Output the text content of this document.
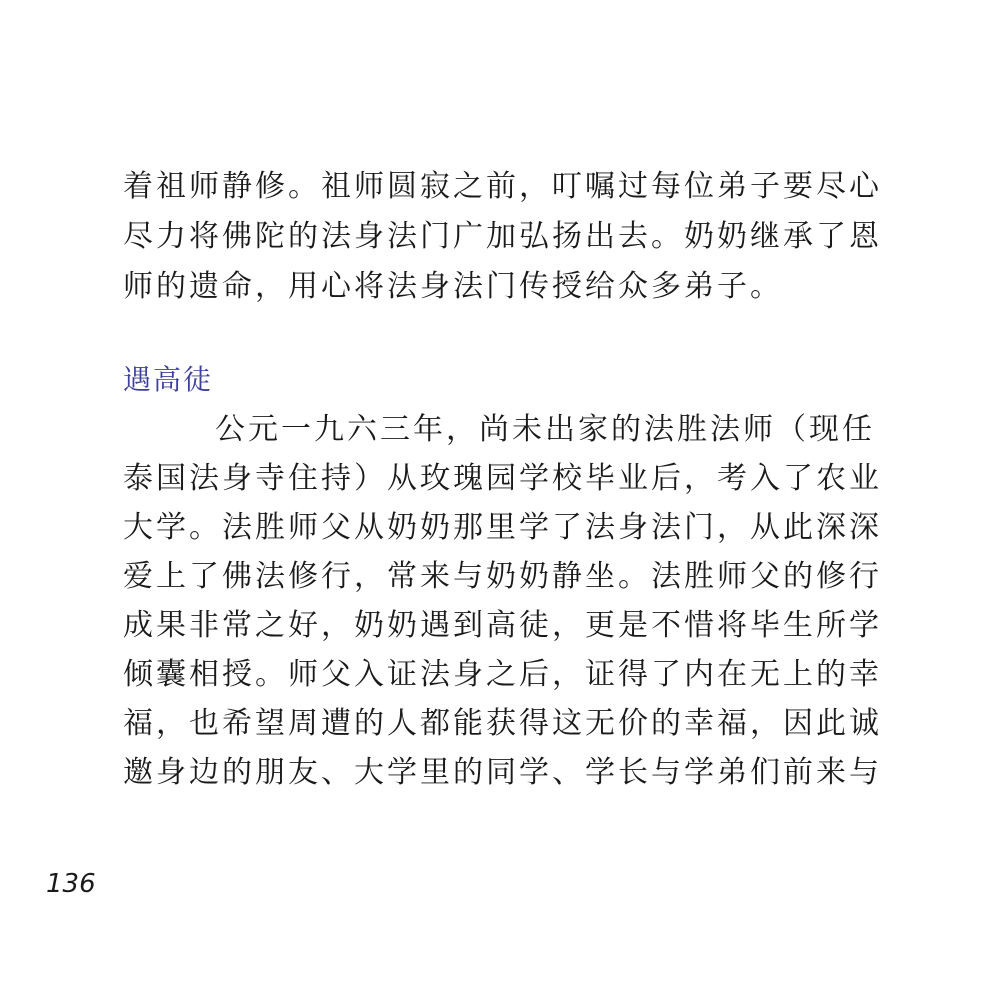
着祖师静修。祖师圆寂之前，叮嘱过每位弟子要尽心
尽力将佛陀的法身法门广加弘扬出去。奶奶继承了恩
师的遗命，用心将法身法门传授给众多弟子。
遇高徒
公元一九六三年，尚未出家的法胜法师（现任
泰国法身寺住持）从玫瑰园学校毕业后，考入了农业
大学。法胜师父从奶奶那里学了法身法门，从此深深
爱上了佛法修行，常来与奶奶静坐。法胜师父的修行
成果非常之好，奶奶遇到高徒，更是不惜将毕生所学
倾囊相授。师父入证法身之后，证得了内在无上的幸
福，也希望周遭的人都能获得这无价的幸福，因此诚
邀身边的朋友、大学里的同学、学长与学弟们前来与
136
